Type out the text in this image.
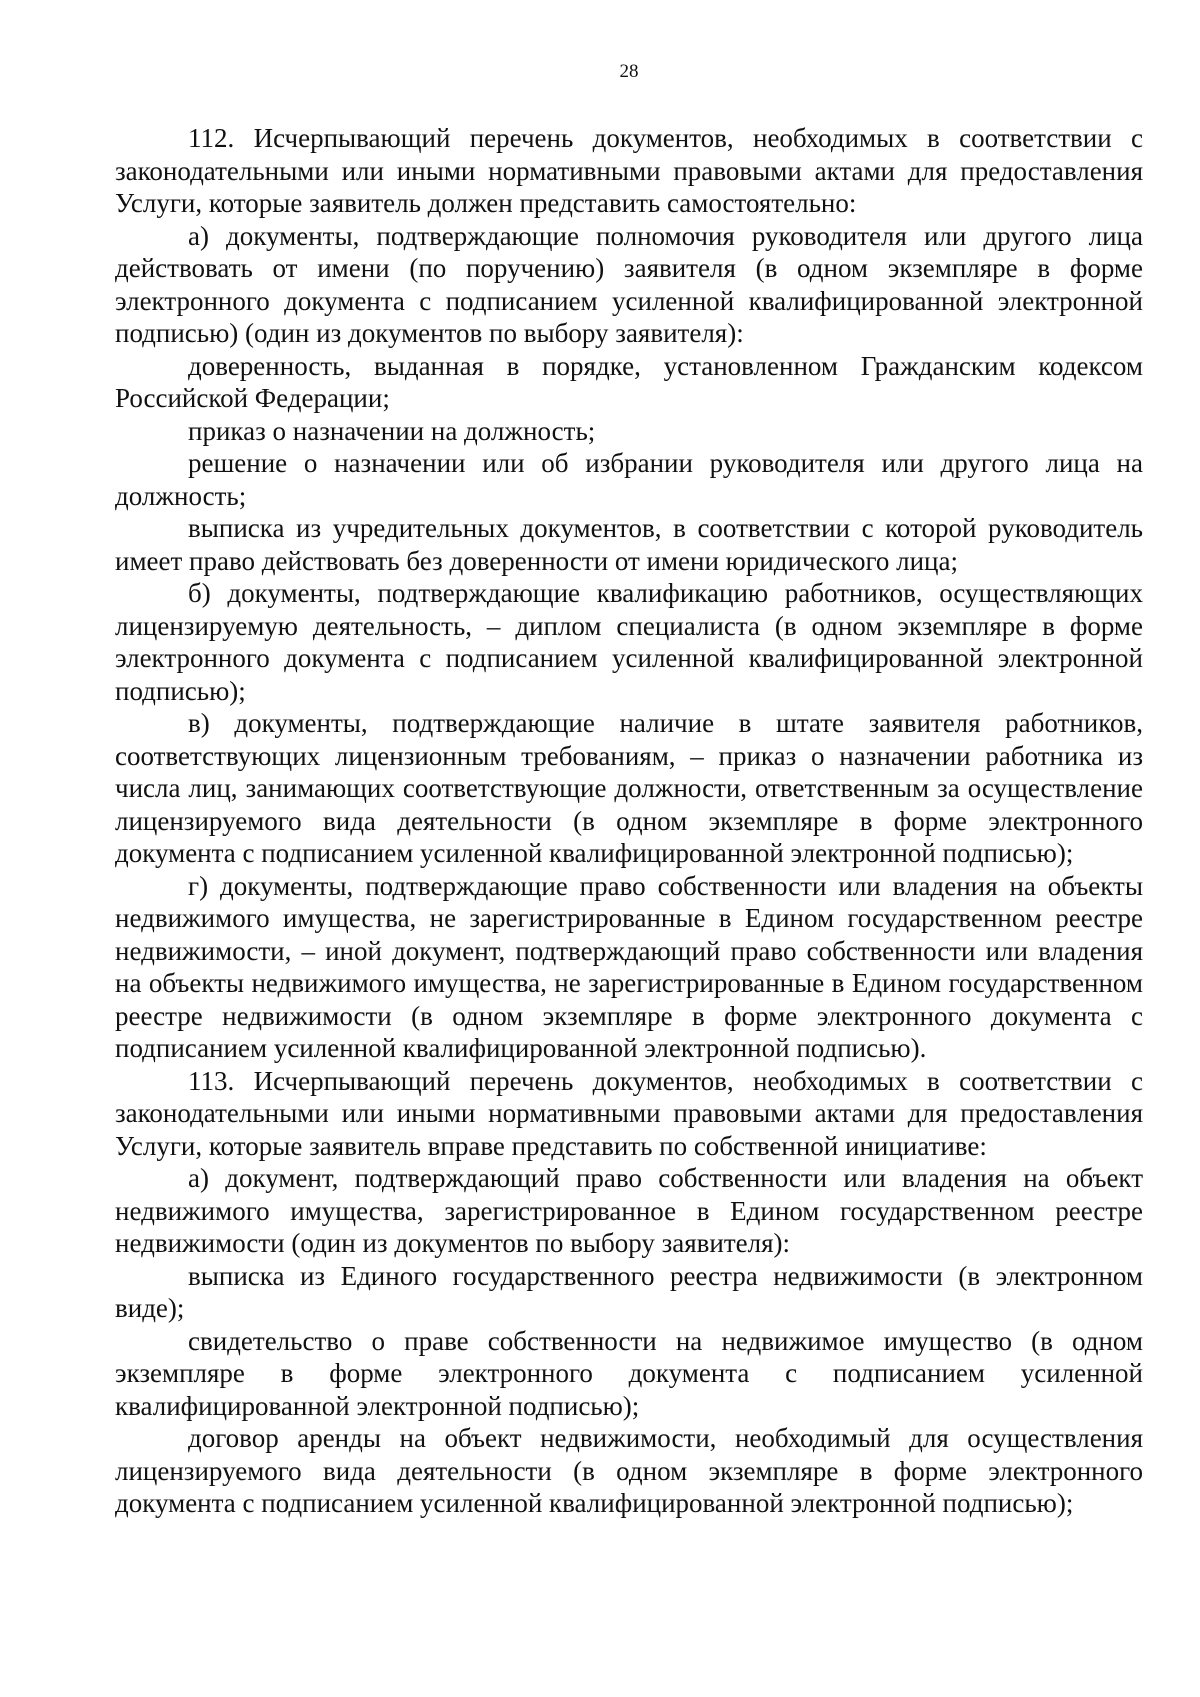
28

112. Исчерпывающий перечень документов, необходимых в соответствии с законодательными или иными нормативными правовыми актами для предоставления Услуги, которые заявитель должен представить самостоятельно:

а) документы, подтверждающие полномочия руководителя или другого лица действовать от имени (по поручению) заявителя (в одном экземпляре в форме электронного документа с подписанием усиленной квалифицированной электронной подписью) (один из документов по выбору заявителя):

доверенность, выданная в порядке, установленном Гражданским кодексом Российской Федерации;

приказ о назначении на должность;

решение о назначении или об избрании руководителя или другого лица на должность;

выписка из учредительных документов, в соответствии с которой руководитель имеет право действовать без доверенности от имени юридического лица;

б) документы, подтверждающие квалификацию работников, осуществляющих лицензируемую деятельность, – диплом специалиста (в одном экземпляре в форме электронного документа с подписанием усиленной квалифицированной электронной подписью);

в) документы, подтверждающие наличие в штате заявителя работников, соответствующих лицензионным требованиям, – приказ о назначении работника из числа лиц, занимающих соответствующие должности, ответственным за осуществление лицензируемого вида деятельности (в одном экземпляре в форме электронного документа с подписанием усиленной квалифицированной электронной подписью);

г) документы, подтверждающие право собственности или владения на объекты недвижимого имущества, не зарегистрированные в Едином государственном реестре недвижимости, – иной документ, подтверждающий право собственности или владения на объекты недвижимого имущества, не зарегистрированные в Едином государственном реестре недвижимости (в одном экземпляре в форме электронного документа с подписанием усиленной квалифицированной электронной подписью).

113. Исчерпывающий перечень документов, необходимых в соответствии с законодательными или иными нормативными правовыми актами для предоставления Услуги, которые заявитель вправе представить по собственной инициативе:

а) документ, подтверждающий право собственности или владения на объект недвижимого имущества, зарегистрированное в Едином государственном реестре недвижимости (один из документов по выбору заявителя):

выписка из Единого государственного реестра недвижимости (в электронном виде);

свидетельство о праве собственности на недвижимое имущество (в одном экземпляре в форме электронного документа с подписанием усиленной квалифицированной электронной подписью);

договор аренды на объект недвижимости, необходимый для осуществления лицензируемого вида деятельности (в одном экземпляре в форме электронного документа с подписанием усиленной квалифицированной электронной подписью);
